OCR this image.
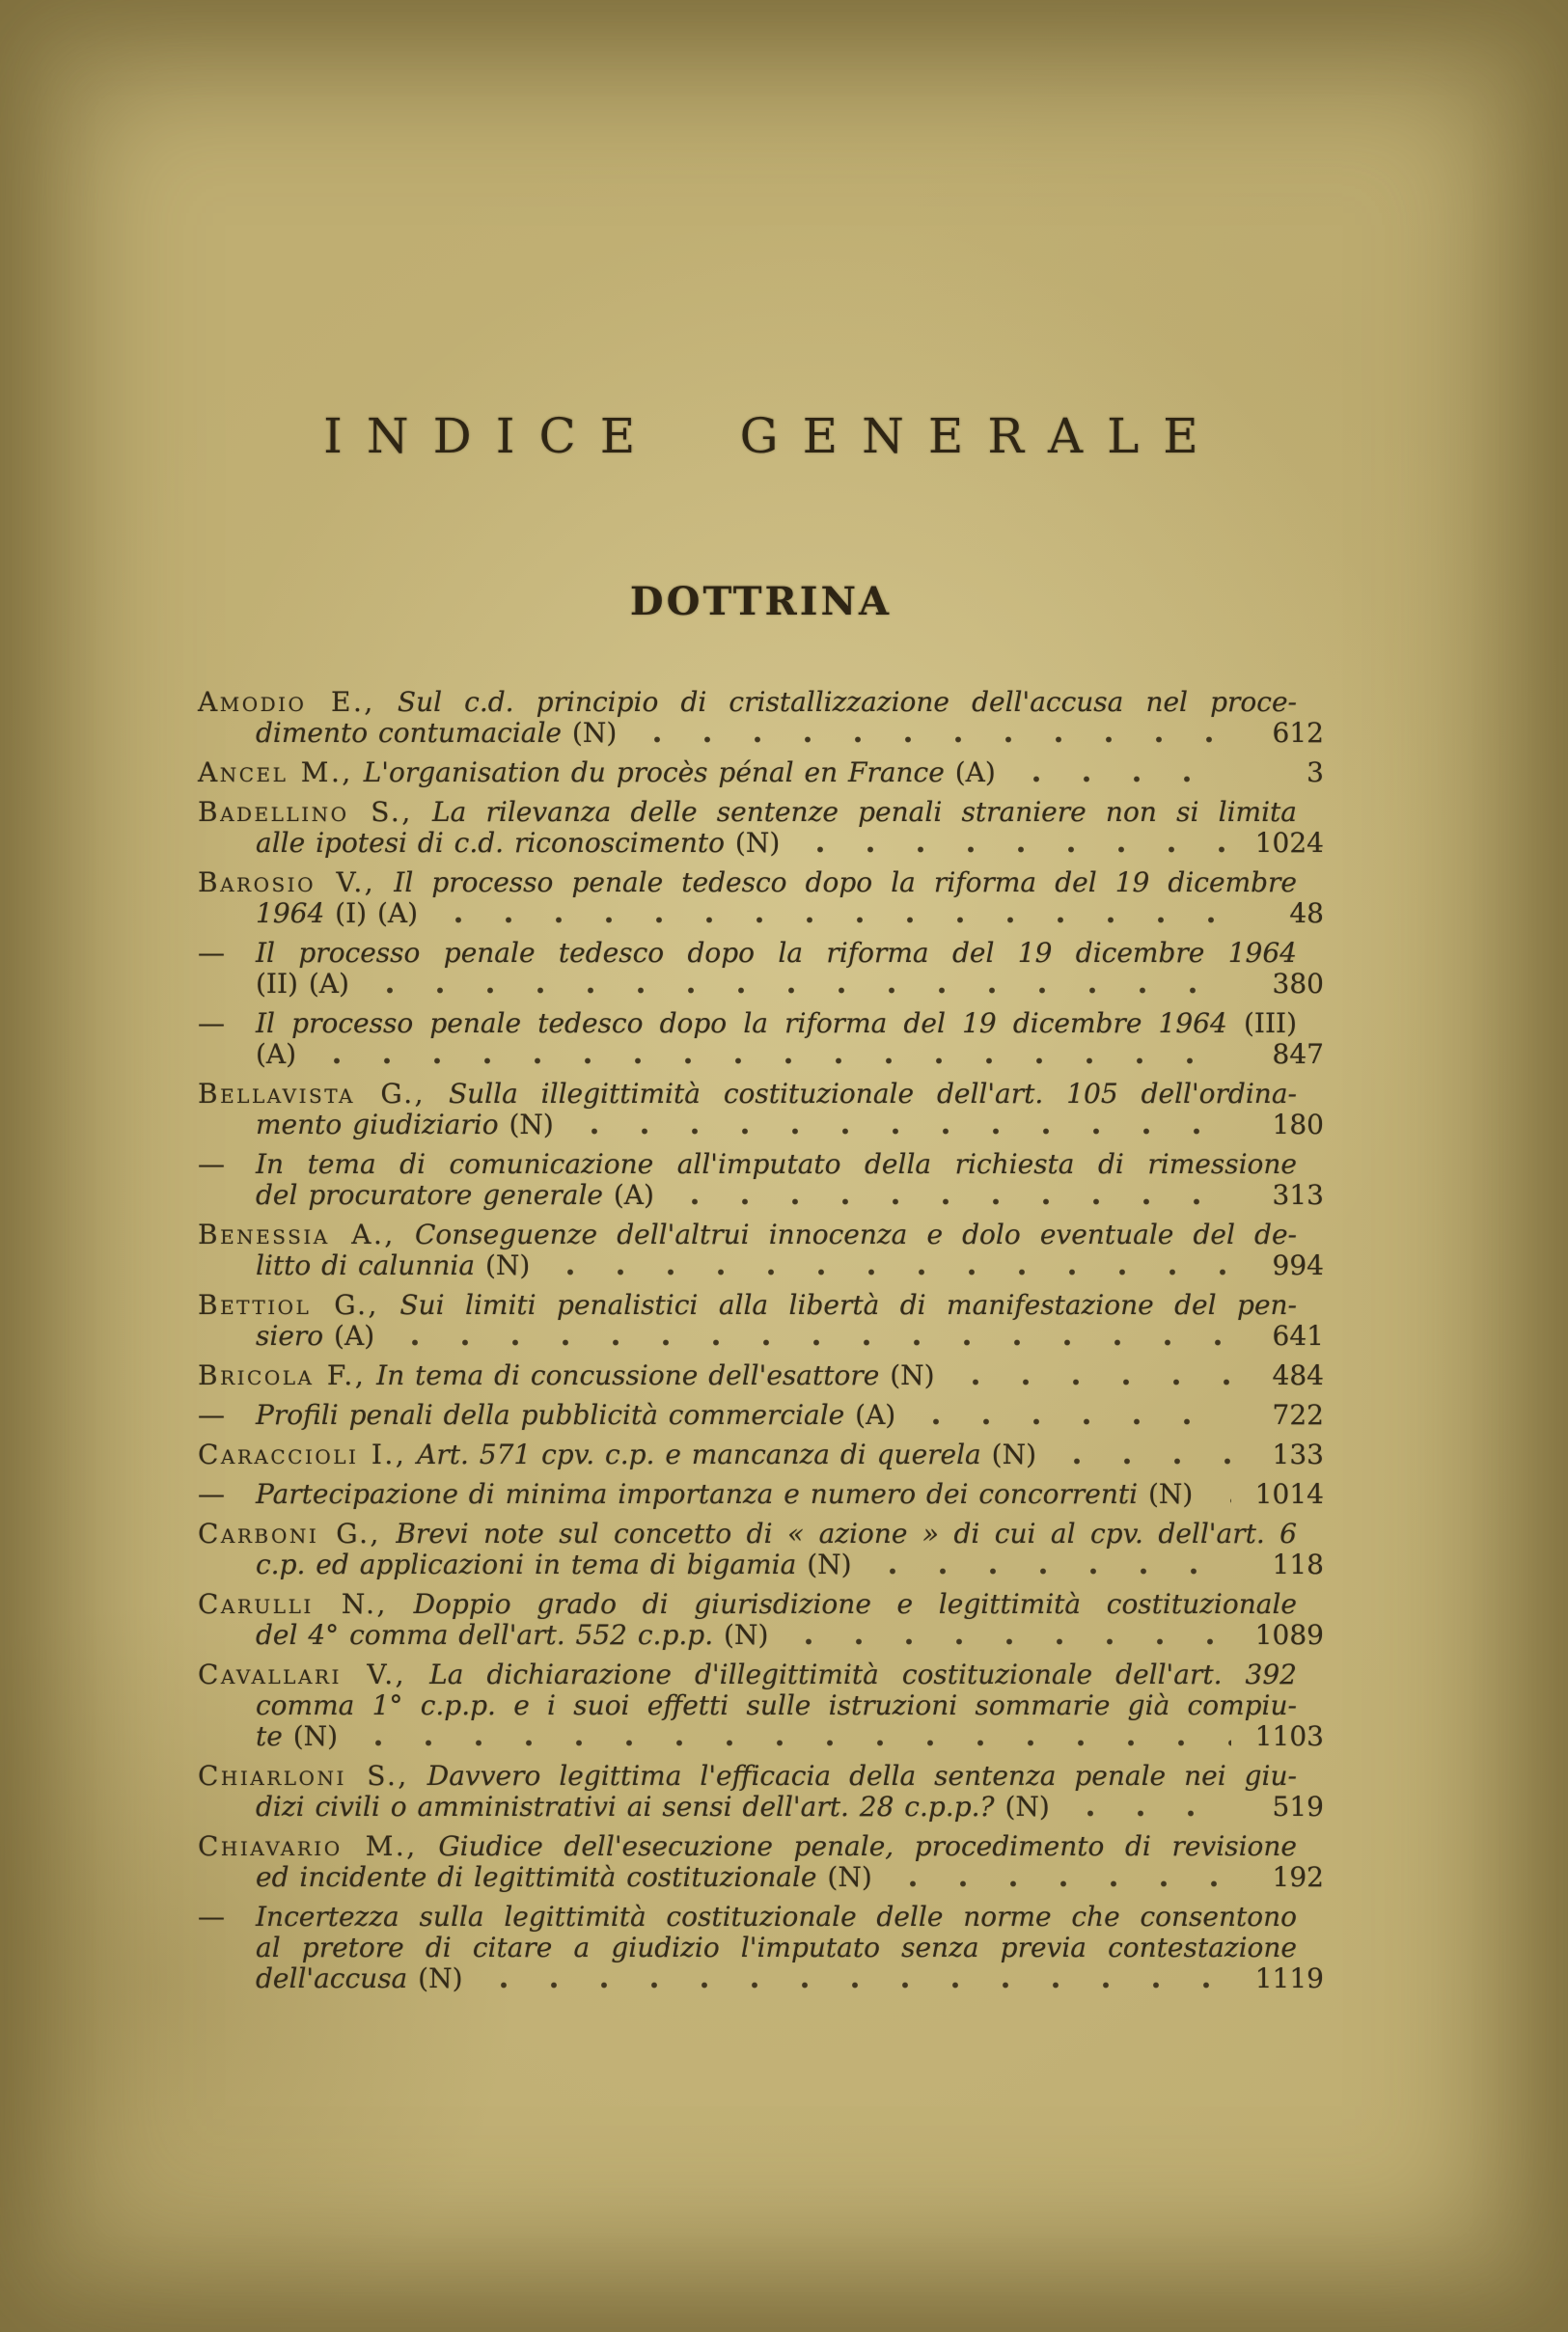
INDICE GENERALE
DOTTRINA
Amodio E., Sul c.d. principio di cristallizzazione dell'accusa nel proce-
dimento contumaciale (N)	612
Ancel M., L'organisation du procès pénal en France (A)	3
Badellino S., La rilevanza delle sentenze penali straniere non si limita
alle ipotesi di c.d. riconoscimento (N)	1024
Barosio V., Il processo penale tedesco dopo la riforma del 19 dicembre
1964 (I) (A)	48
— Il processo penale tedesco dopo la riforma del 19 dicembre 1964
(II) (A)	380
— Il processo penale tedesco dopo la riforma del 19 dicembre 1964 (III)
(A)	847
Bellavista G., Sulla illegittimità costituzionale dell'art. 105 dell'ordina-
mento giudiziario (N)	180
— In tema di comunicazione all'imputato della richiesta di rimessione
del procuratore generale (A)	313
Benessia A., Conseguenze dell'altrui innocenza e dolo eventuale del de-
litto di calunnia (N)	994
Bettiol G., Sui limiti penalistici alla libertà di manifestazione del pen-
siero (A)	641
Bricola F., In tema di concussione dell'esattore (N)	484
— Profili penali della pubblicità commerciale (A)	722
Caraccioli I., Art. 571 cpv. c.p. e mancanza di querela (N)	133
— Partecipazione di minima importanza e numero dei concorrenti (N) 1014
Carboni G., Brevi note sul concetto di « azione » di cui al cpv. dell'art. 6
c.p. ed applicazioni in tema di bigamia (N)	118
Carulli N., Doppio grado di giurisdizione e legittimità costituzionale
del 4° comma dell'art. 552 c.p.p. (N)	1089
Cavallari V., La dichiarazione d'illegittimità costituzionale dell'art. 392
comma 1° c.p.p. e i suoi effetti sulle istruzioni sommarie già compiu-
te (N)	1103
Chiarloni S., Davvero legittima l'efficacia della sentenza penale nei giu-
dizi civili o amministrativi ai sensi dell'art. 28 c.p.p.? (N)	519
Chiavario M., Giudice dell'esecuzione penale, procedimento di revisione
ed incidente di legittimità costituzionale (N)	192
— Incertezza sulla legittimità costituzionale delle norme che consentono
al pretore di citare a giudizio l'imputato senza previa contestazione
dell'accusa (N)	1119
